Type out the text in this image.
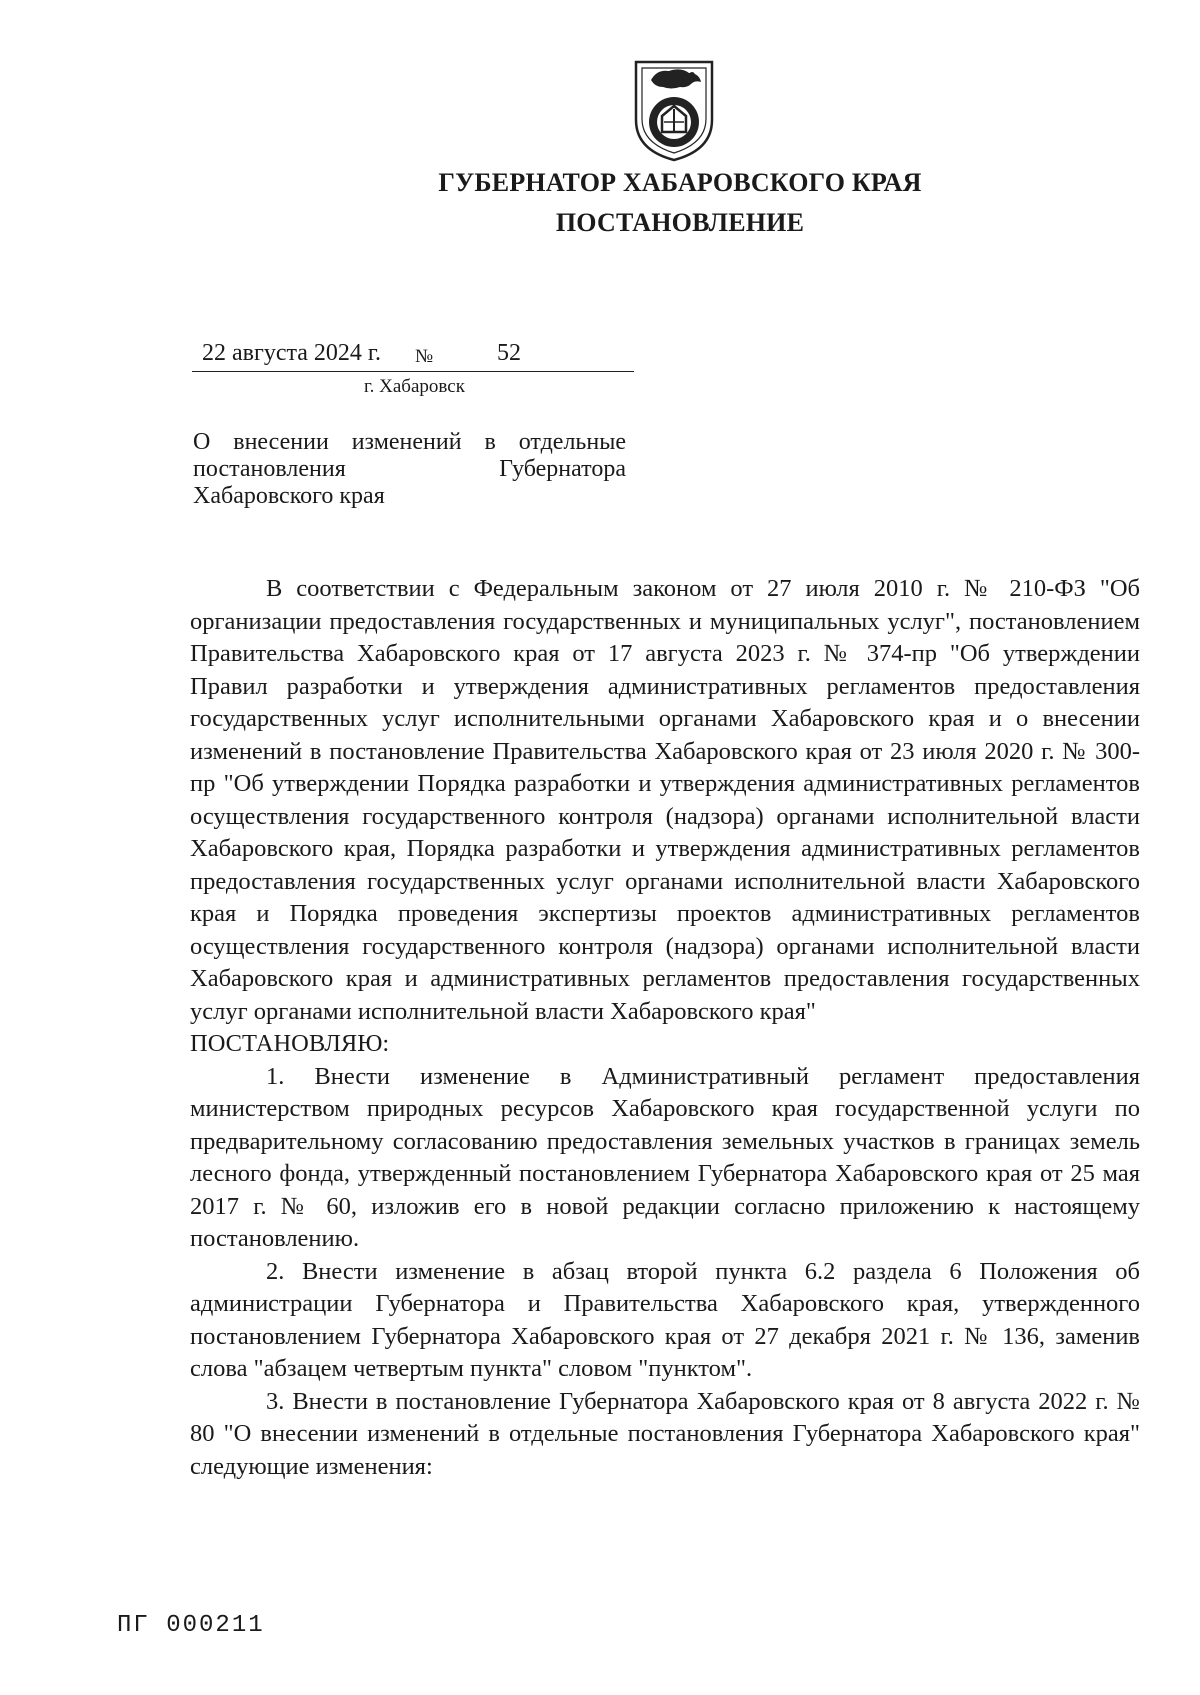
ГУБЕРНАТОР ХАБАРОВСКОГО КРАЯ
ПОСТАНОВЛЕНИЕ
22 августа 2024 г. №	52
г. Хабаровск

О внесении изменений в отдельные

постановления Губернатора

Хабаровского края

В соответствии с Федеральным законом от 27 июля 2010 г. № 210-ФЗ "Об организации предоставления государственных и муниципальных услуг", постановлением Правительства Хабаровского края от 17 августа 2023 г. № 374-пр "Об утверждении Правил разработки и утверждения административных регламентов предоставления государственных услуг исполнительными органами Хабаровского края и о внесении изменений в постановление Правительства Хабаровского края от 23 июля 2020 г. № 300-пр "Об утверждении Порядка разработки и утверждения административных регламентов осуществления государственного контроля (надзора) органами исполнительной власти Хабаровского края, Порядка разработки и утверждения административных регламентов предоставления государственных услуг органами исполнительной власти Хабаровского края и Порядка проведения экспертизы проектов административных регламентов осуществления государственного контроля (надзора) органами исполнительной власти Хабаровского края и административных регламентов предоставления государственных услуг органами исполнительной власти Хабаровского края"

ПОСТАНОВЛЯЮ:

1. Внести изменение в Административный регламент предоставления министерством природных ресурсов Хабаровского края государственной услуги по предварительному согласованию предоставления земельных участков в границах земель лесного фонда, утвержденный постановлением Губернатора Хабаровского края от 25 мая 2017 г. № 60, изложив его в новой редакции согласно приложению к настоящему постановлению.

2. Внести изменение в абзац второй пункта 6.2 раздела 6 Положения об администрации Губернатора и Правительства Хабаровского края, утвержденного постановлением Губернатора Хабаровского края от 27 декабря 2021 г. № 136, заменив слова "абзацем четвертым пункта" словом "пунктом".

3. Внести в постановление Губернатора Хабаровского края от 8 августа 2022 г. № 80 "О внесении изменений в отдельные постановления Губернатора Хабаровского края" следующие изменения:

ПГ 000211
